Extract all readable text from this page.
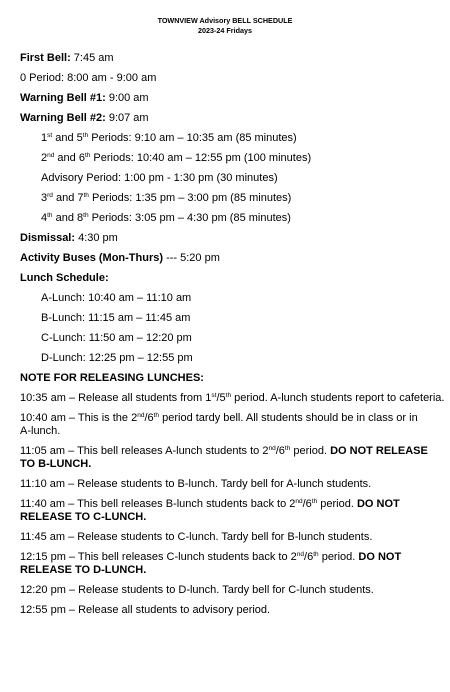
TOWNVIEW Advisory BELL SCHEDULE
2023-24 Fridays
First Bell: 7:45 am
0 Period: 8:00 am - 9:00 am
Warning Bell #1: 9:00 am
Warning Bell #2: 9:07 am
1st and 5th Periods: 9:10 am – 10:35 am (85 minutes)
2nd and 6th Periods: 10:40 am – 12:55 pm (100 minutes)
Advisory Period: 1:00 pm - 1:30 pm (30 minutes)
3rd and 7th Periods: 1:35 pm – 3:00 pm (85 minutes)
4th and 8th Periods: 3:05 pm – 4:30 pm (85 minutes)
Dismissal: 4:30 pm
Activity Buses (Mon-Thurs) --- 5:20 pm
Lunch Schedule:
A-Lunch: 10:40 am – 11:10 am
B-Lunch: 11:15 am – 11:45 am
C-Lunch: 11:50 am – 12:20 pm
D-Lunch: 12:25 pm – 12:55 pm
NOTE FOR RELEASING LUNCHES:
10:35 am – Release all students from 1st/5th period. A-lunch students report to cafeteria.
10:40 am – This is the 2nd/6th period tardy bell. All students should be in class or in A-lunch.
11:05 am – This bell releases A-lunch students to 2nd/6th period. DO NOT RELEASE TO B-LUNCH.
11:10 am – Release students to B-lunch. Tardy bell for A-lunch students.
11:40 am – This bell releases B-lunch students back to 2nd/6th period. DO NOT RELEASE TO C-LUNCH.
11:45 am – Release students to C-lunch. Tardy bell for B-lunch students.
12:15 pm – This bell releases C-lunch students back to 2nd/6th period. DO NOT RELEASE TO D-LUNCH.
12:20 pm – Release students to D-lunch. Tardy bell for C-lunch students.
12:55 pm – Release all students to advisory period.
